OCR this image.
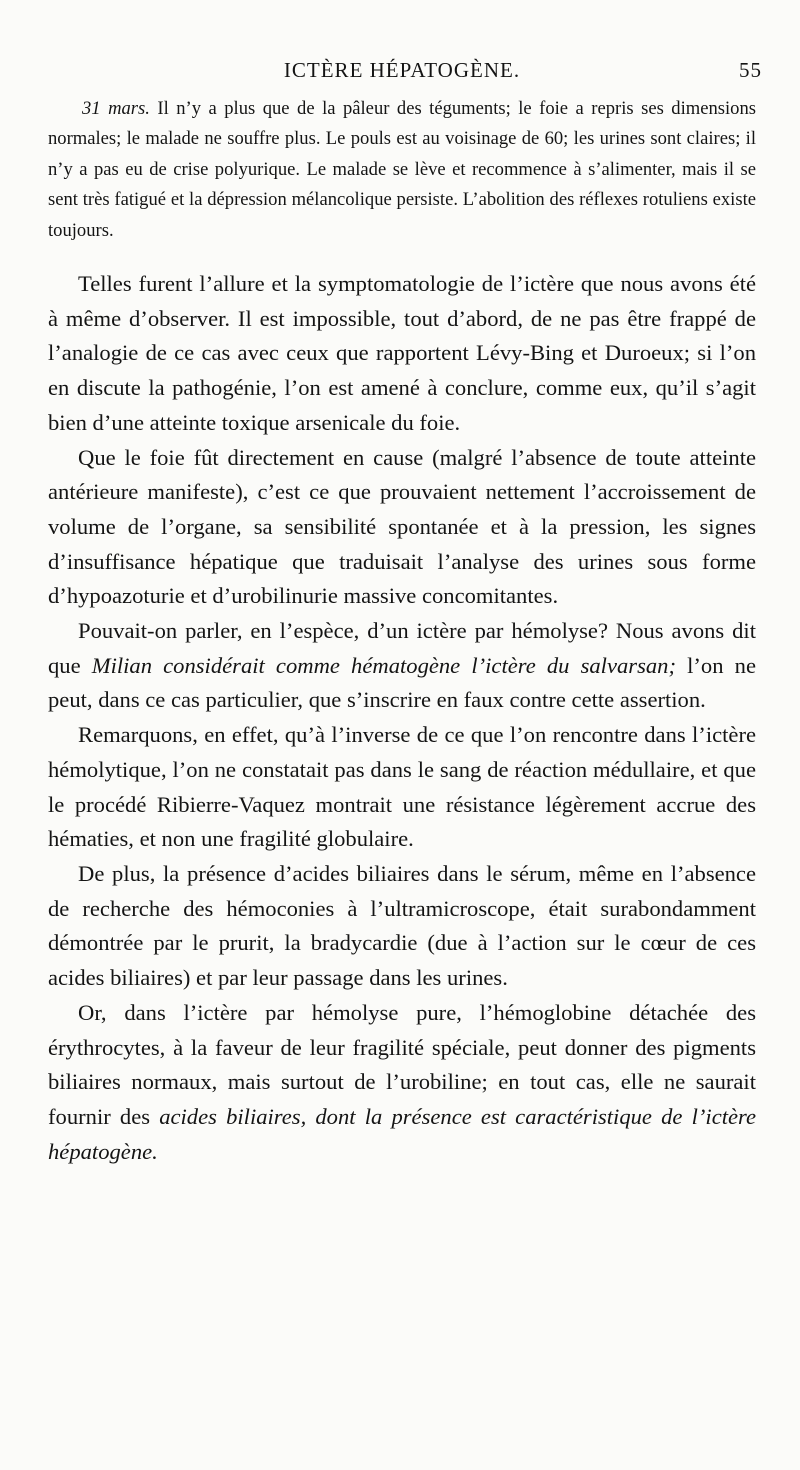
ICTÈRE HÉPATOGÈNE.	55

31 mars. Il n’y a plus que de la pâleur des téguments; le foie a repris ses dimensions normales; le malade ne souffre plus. Le pouls est au voisinage de 60; les urines sont claires; il n’y a pas eu de crise polyurique. Le malade se lève et recommence à s’alimenter, mais il se sent très fatigué et la dépression mélancolique persiste. L’abolition des réflexes rotuliens existe toujours.

Telles furent l’allure et la symptomatologie de l’ictère que nous avons été à même d’observer. Il est impossible, tout d’abord, de ne pas être frappé de l’analogie de ce cas avec ceux que rapportent Lévy-Bing et Duroeux; si l’on en discute la pathogénie, l’on est amené à conclure, comme eux, qu’il s’agit bien d’une atteinte toxique arsenicale du foie.

Que le foie fût directement en cause (malgré l’absence de toute atteinte antérieure manifeste), c’est ce que prouvaient nettement l’accroissement de volume de l’organe, sa sensibilité spontanée et à la pression, les signes d’insuffisance hépatique que traduisait l’analyse des urines sous forme d’hypoazoturie et d’urobilinurie massive concomitantes.

Pouvait-on parler, en l’espèce, d’un ictère par hémolyse? Nous avons dit que Milian considérait comme hématogène l’ictère du salvarsan; l’on ne peut, dans ce cas particulier, que s’inscrire en faux contre cette assertion.

Remarquons, en effet, qu’à l’inverse de ce que l’on rencontre dans l’ictère hémolytique, l’on ne constatait pas dans le sang de réaction médullaire, et que le procédé Ribierre-Vaquez montrait une résistance légèrement accrue des hématies, et non une fragilité globulaire.

De plus, la présence d’acides biliaires dans le sérum, même en l’absence de recherche des hémoconies à l’ultramicroscope, était surabondamment démontrée par le prurit, la bradycardie (due à l’action sur le cœur de ces acides biliaires) et par leur passage dans les urines.

Or, dans l’ictère par hémolyse pure, l’hémoglobine détachée des érythrocytes, à la faveur de leur fragilité spéciale, peut donner des pigments biliaires normaux, mais surtout de l’urobiline; en tout cas, elle ne saurait fournir des acides biliaires, dont la présence est caractéristique de l’ictère hépatogène.
